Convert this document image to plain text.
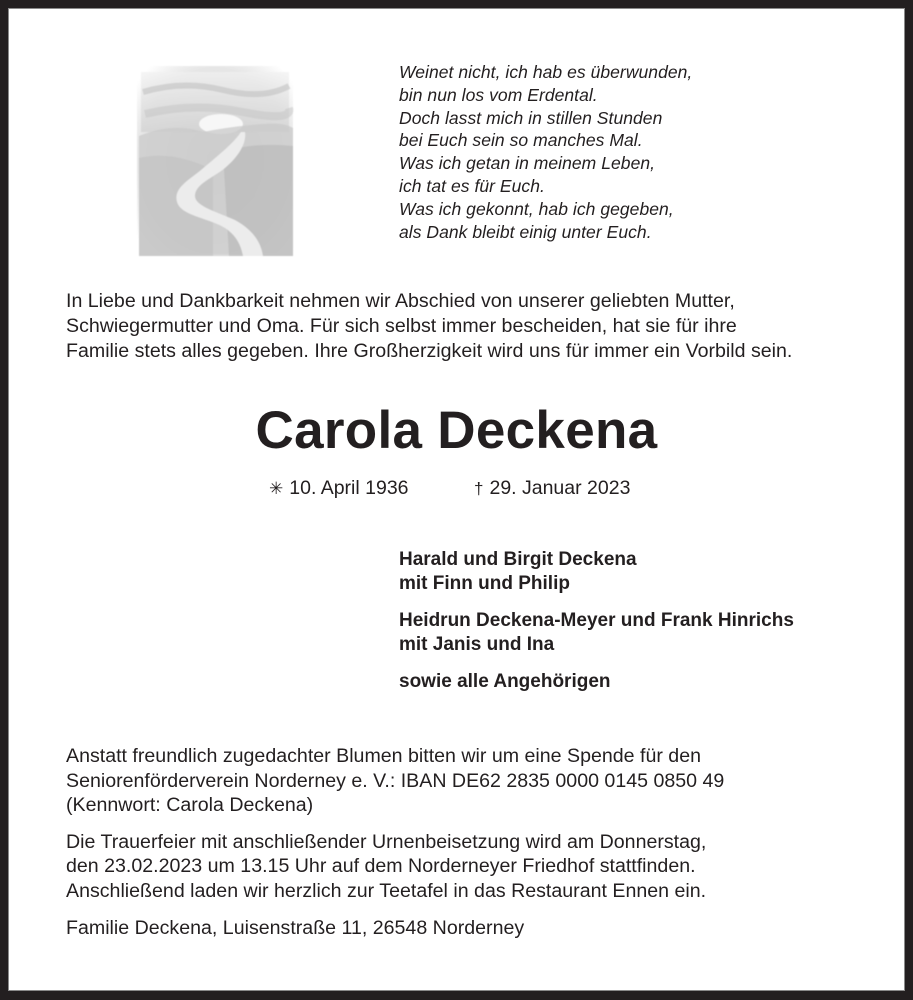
Weinet nicht, ich hab es überwunden,
bin nun los vom Erdental.
Doch lasst mich in stillen Stunden
bei Euch sein so manches Mal.
Was ich getan in meinem Leben,
ich tat es für Euch.
Was ich gekonnt, hab ich gegeben,
als Dank bleibt einig unter Euch.
In Liebe und Dankbarkeit nehmen wir Abschied von unserer geliebten Mutter,
Schwiegermutter und Oma. Für sich selbst immer bescheiden, hat sie für ihre
Familie stets alles gegeben. Ihre Großherzigkeit wird uns für immer ein Vorbild sein.
Carola Deckena
✳ 10. April 1936	† 29. Januar 2023
Harald und Birgit Deckena
mit Finn und Philip
Heidrun Deckena-Meyer und Frank Hinrichs
mit Janis und Ina
sowie alle Angehörigen
Anstatt freundlich zugedachter Blumen bitten wir um eine Spende für den
Seniorenförderverein Norderney e. V.: IBAN DE62 2835 0000 0145 0850 49
(Kennwort: Carola Deckena)
Die Trauerfeier mit anschließender Urnenbeisetzung wird am Donnerstag,
den 23.02.2023 um 13.15 Uhr auf dem Norderneyer Friedhof stattfinden.
Anschließend laden wir herzlich zur Teetafel in das Restaurant Ennen ein.
Familie Deckena, Luisenstraße 11, 26548 Norderney
